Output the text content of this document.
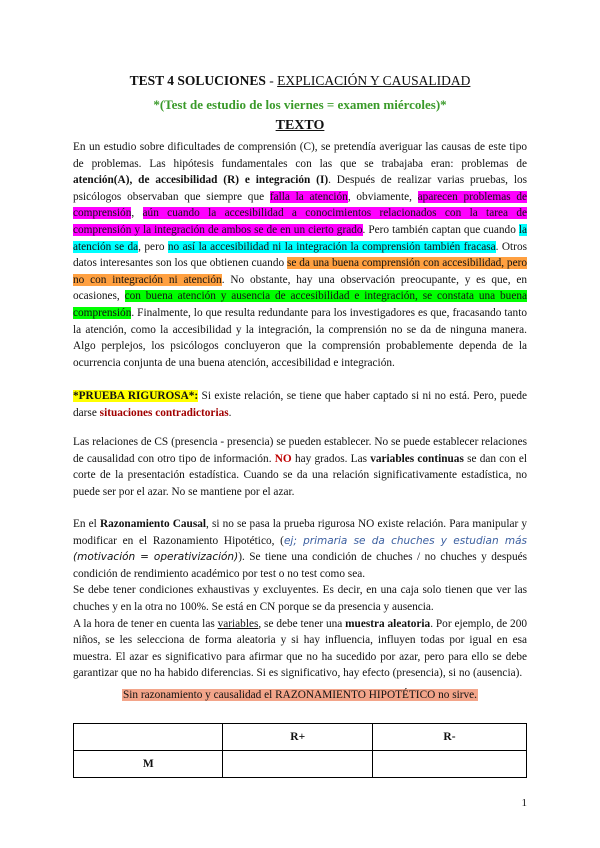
TEST 4 SOLUCIONES - EXPLICACIÓN Y CAUSALIDAD
*(Test de estudio de los viernes = examen miércoles)*
TEXTO
En un estudio sobre dificultades de comprensión (C), se pretendía averiguar las causas de este tipo de problemas. Las hipótesis fundamentales con las que se trabajaba eran: problemas de atención(A), de accesibilidad (R) e integración (I). Después de realizar varias pruebas, los psicólogos observaban que siempre que falla la atención, obviamente, aparecen problemas de comprensión, aún cuando la accesibilidad a conocimientos relacionados con la tarea de comprensión y la integración de ambos se de en un cierto grado. Pero también captan que cuando la atención se da, pero no así la accesibilidad ni la integración la comprensión también fracasa. Otros datos interesantes son los que obtienen cuando se da una buena comprensión con accesibilidad, pero no con integración ni atención. No obstante, hay una observación preocupante, y es que, en ocasiones, con buena atención y ausencia de accesibilidad e integración, se constata una buena comprensión. Finalmente, lo que resulta redundante para los investigadores es que, fracasando tanto la atención, como la accesibilidad y la integración, la comprensión no se da de ninguna manera. Algo perplejos, los psicólogos concluyeron que la comprensión probablemente dependa de la ocurrencia conjunta de una buena atención, accesibilidad e integración.
*PRUEBA RIGUROSA*: Si existe relación, se tiene que haber captado si ni no está. Pero, puede darse situaciones contradictorias.
Las relaciones de CS (presencia - presencia) se pueden establecer. No se puede establecer relaciones de causalidad con otro tipo de información. NO hay grados. Las variables continuas se dan con el corte de la presentación estadística. Cuando se da una relación significativamente estadística, no puede ser por el azar. No se mantiene por el azar.
En el Razonamiento Causal, si no se pasa la prueba rigurosa NO existe relación. Para manipular y modificar en el Razonamiento Hipotético, (ej; primaria se da chuches y estudian más (motivación = operativización)). Se tiene una condición de chuches / no chuches y después condición de rendimiento académico por test o no test como sea.
Se debe tener condiciones exhaustivas y excluyentes. Es decir, en una caja solo tienen que ver las chuches y en la otra no 100%. Se está en CN porque se da presencia y ausencia.
A la hora de tener en cuenta las variables, se debe tener una muestra aleatoria. Por ejemplo, de 200 niños, se les selecciona de forma aleatoria y si hay influencia, influyen todas por igual en esa muestra. El azar es significativo para afirmar que no ha sucedido por azar, pero para ello se debe garantizar que no ha habido diferencias. Si es significativo, hay efecto (presencia), si no (ausencia).
Sin razonamiento y causalidad el RAZONAMIENTO HIPOTÉTICO no sirve.
	R+	R-
M		
1
